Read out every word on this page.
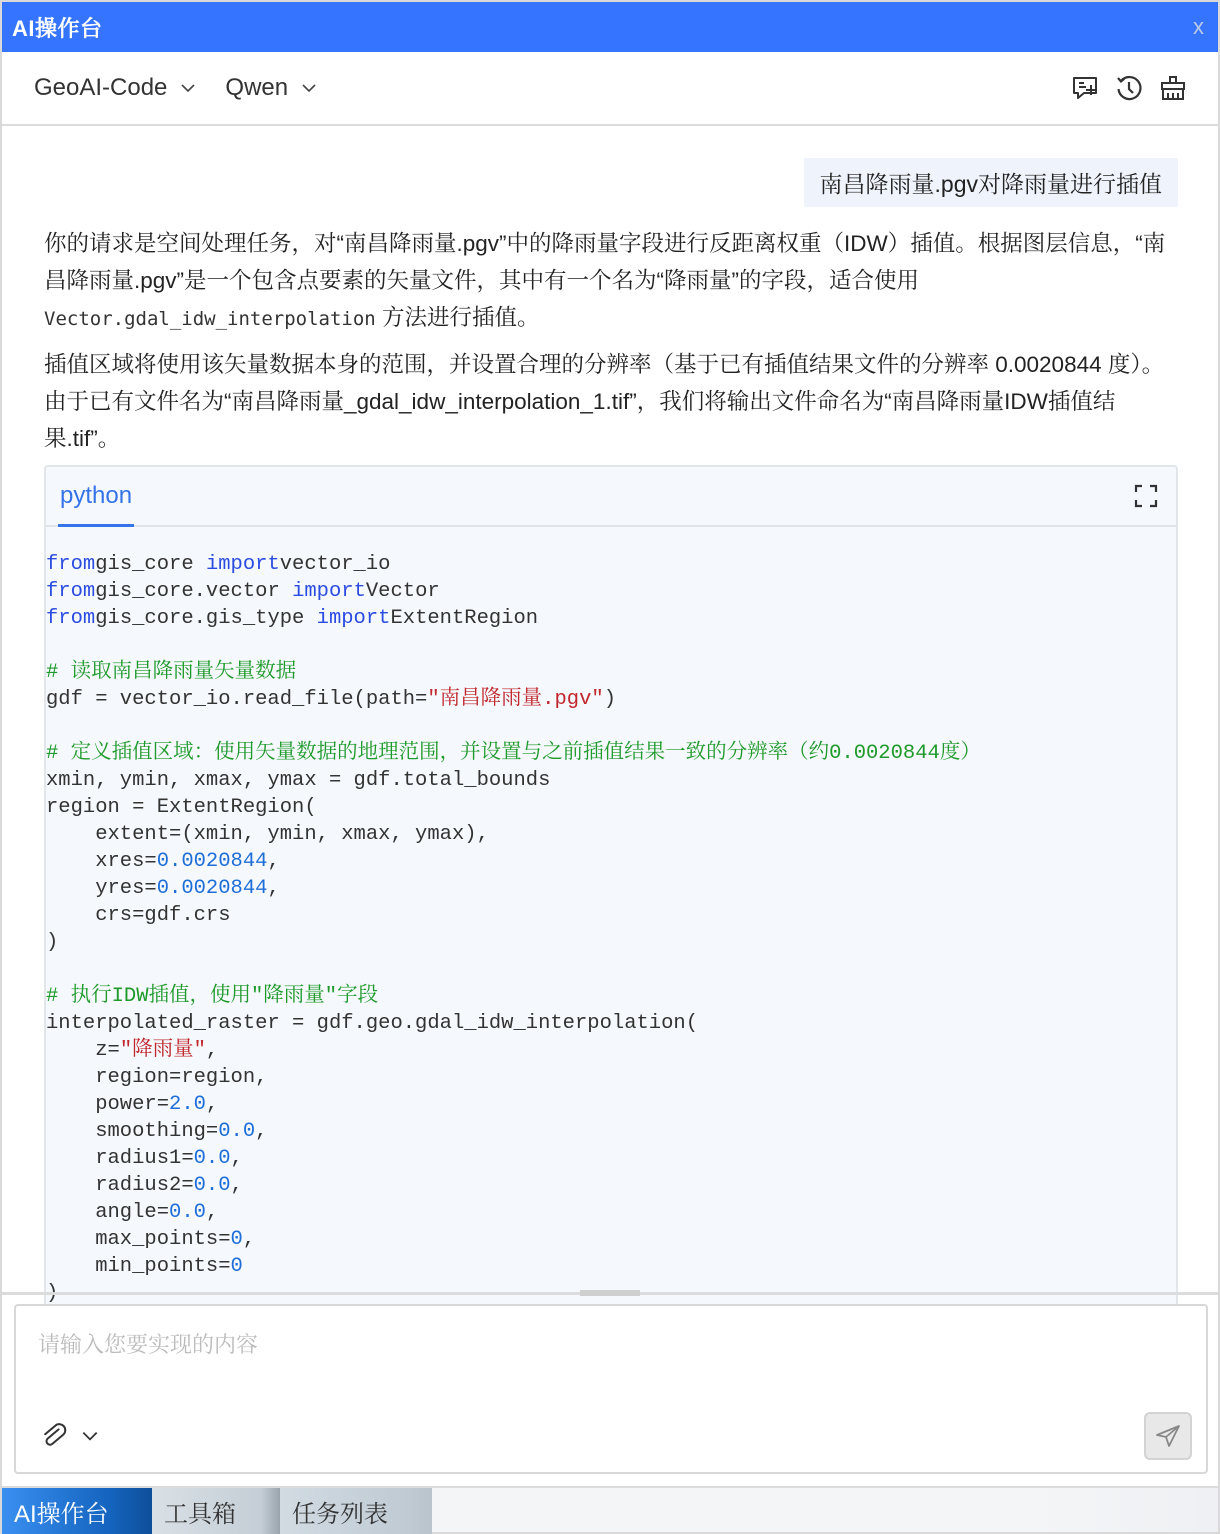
AI操作台	x
GeoAI-Code Qwen
南昌降雨量.pgv对降雨量进行插值

你的请求是空间处理任务，对“南昌降雨量.pgv”中的降雨量字段进行反距离权重（IDW）插值。根据图层信息，“南昌降雨量.pgv”是一个包含点要素的矢量文件，其中有一个名为“降雨量”的字段，适合使用 Vector.gdal_idw_interpolation 方法进行插值。

插值区域将使用该矢量数据本身的范围，并设置合理的分辨率（基于已有插值结果文件的分辨率 0.0020844 度）。由于已有文件名为“南昌降雨量_gdal_idw_interpolation_1.tif”，我们将输出文件命名为“南昌降雨量IDW插值结果.tif”。

python
fromgis_core importvector_io
fromgis_core.vector importVector
fromgis_core.gis_type importExtentRegion

# 读取南昌降雨量矢量数据
gdf = vector_io.read_file(path="南昌降雨量.pgv")

# 定义插值区域：使用矢量数据的地理范围，并设置与之前插值结果一致的分辨率（约0.0020844度）
xmin, ymin, xmax, ymax = gdf.total_bounds
region = ExtentRegion(
extent=(xmin, ymin, xmax, ymax),
xres=0.0020844,
yres=0.0020844,
crs=gdf.crs
)

# 执行IDW插值，使用"降雨量"字段
interpolated_raster = gdf.geo.gdal_idw_interpolation(
z="降雨量",
region=region,
power=2.0,
smoothing=0.0,
radius1=0.0,
radius2=0.0,
angle=0.0,
max_points=0,
min_points=0
请输入您要实现的内容
AI操作台	工具箱	任务列表
